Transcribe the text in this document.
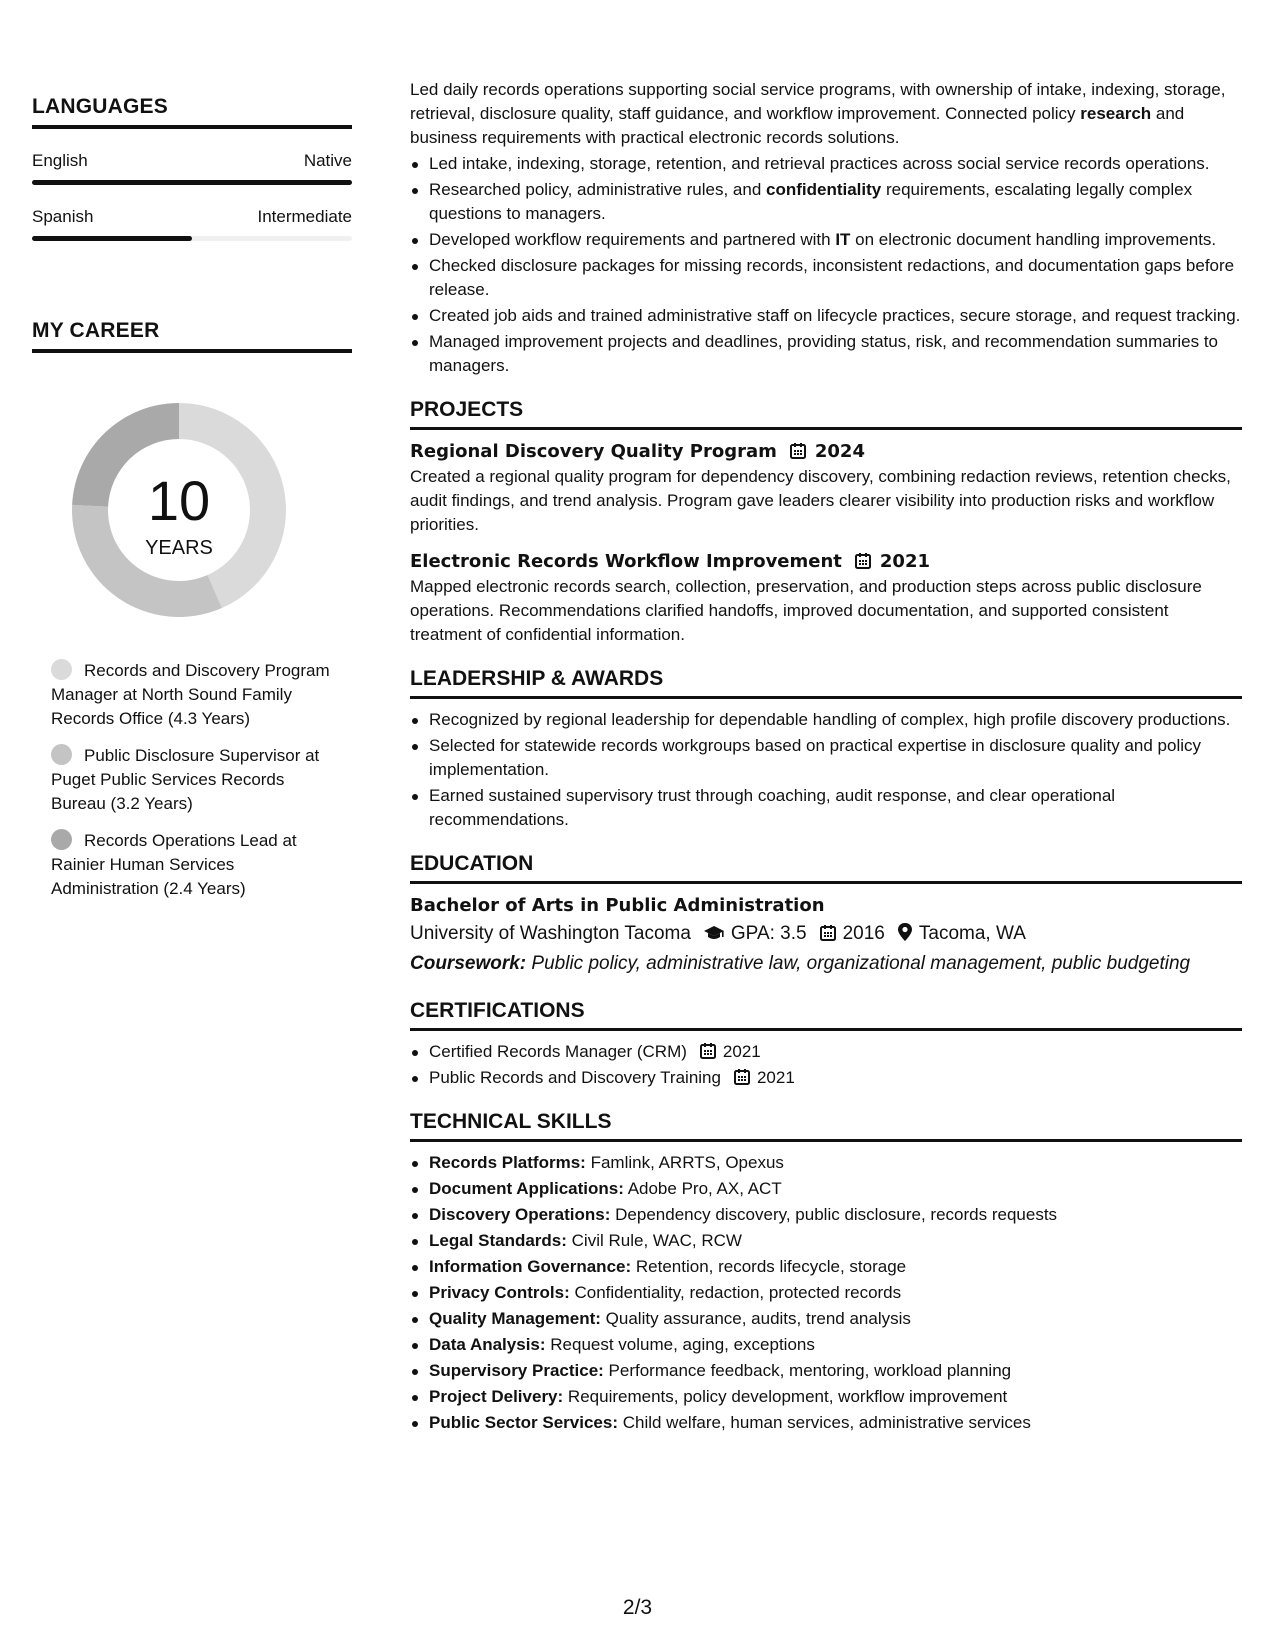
LANGUAGES
English	Native
Spanish	Intermediate
MY CAREER
10
YEARS
Records and Discovery Program Manager at North Sound Family Records Office (4.3 Years)
Public Disclosure Supervisor at Puget Public Services Records Bureau (3.2 Years)
Records Operations Lead at Rainier Human Services Administration (2.4 Years)

Led daily records operations supporting social service programs, with ownership of intake, indexing, storage, retrieval, disclosure quality, staff guidance, and workflow improvement. Connected policy research and business requirements with practical electronic records solutions.

Led intake, indexing, storage, retention, and retrieval practices across social service records operations.
Researched policy, administrative rules, and confidentiality requirements, escalating legally complex questions to managers.
Developed workflow requirements and partnered with IT on electronic document handling improvements.
Checked disclosure packages for missing records, inconsistent redactions, and documentation gaps before release.
Created job aids and trained administrative staff on lifecycle practices, secure storage, and request tracking.
Managed improvement projects and deadlines, providing status, risk, and recommendation summaries to managers.
PROJECTS
Regional Discovery Quality Program 2024

Created a regional quality program for dependency discovery, combining redaction reviews, retention checks, audit findings, and trend analysis. Program gave leaders clearer visibility into production risks and workflow priorities.

Electronic Records Workflow Improvement 2021

Mapped electronic records search, collection, preservation, and production steps across public disclosure operations. Recommendations clarified handoffs, improved documentation, and supported consistent treatment of confidential information.

LEADERSHIP & AWARDS
Recognized by regional leadership for dependable handling of complex, high profile discovery productions.
Selected for statewide records workgroups based on practical expertise in disclosure quality and policy implementation.
Earned sustained supervisory trust through coaching, audit response, and clear operational recommendations.
EDUCATION
Bachelor of Arts in Public Administration
University of Washington Tacoma GPA: 3.5 2016 Tacoma, WA
Coursework: Public policy, administrative law, organizational management, public budgeting
CERTIFICATIONS
Certified Records Manager (CRM) 2021
Public Records and Discovery Training 2021
TECHNICAL SKILLS
Records Platforms: Famlink, ARRTS, Opexus
Document Applications: Adobe Pro, AX, ACT
Discovery Operations: Dependency discovery, public disclosure, records requests
Legal Standards: Civil Rule, WAC, RCW
Information Governance: Retention, records lifecycle, storage
Privacy Controls: Confidentiality, redaction, protected records
Quality Management: Quality assurance, audits, trend analysis
Data Analysis: Request volume, aging, exceptions
Supervisory Practice: Performance feedback, mentoring, workload planning
Project Delivery: Requirements, policy development, workflow improvement
Public Sector Services: Child welfare, human services, administrative services
2/3
